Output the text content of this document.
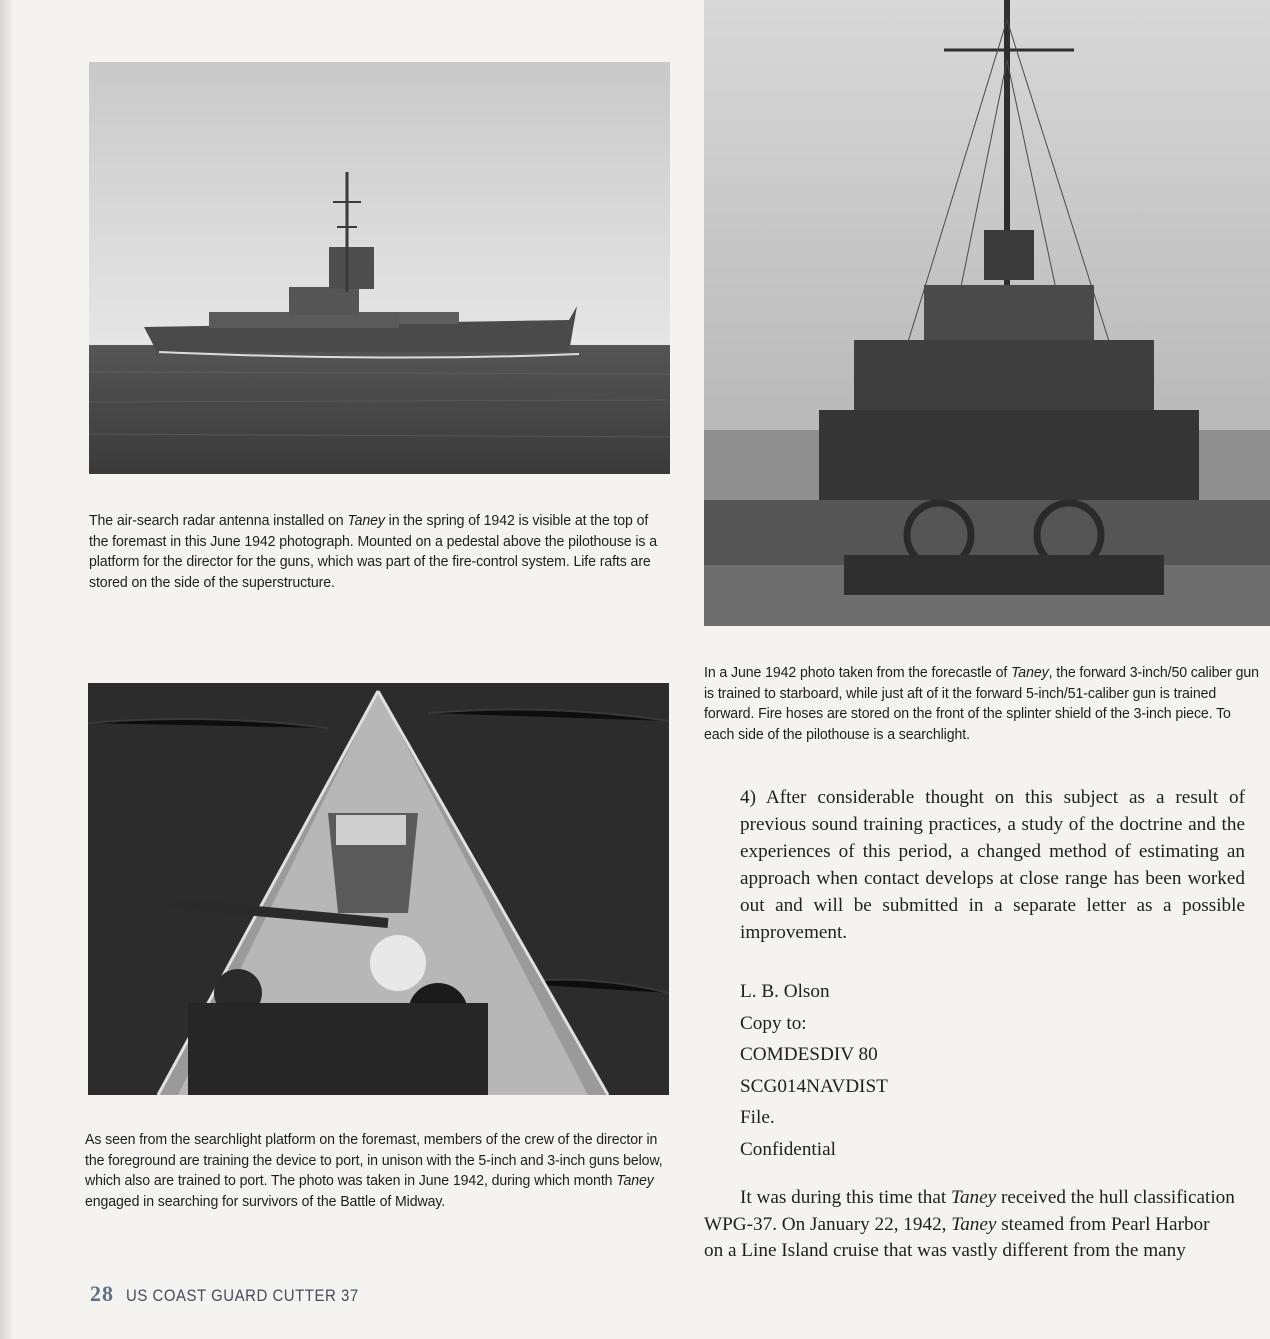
The air-search radar antenna installed on Taney in the spring of 1942 is visible at the top of the foremast in this June 1942 photograph. Mounted on a pedestal above the pilothouse is a platform for the director for the guns, which was part of the fire-control system. Life rafts are stored on the side of the superstructure.
In a June 1942 photo taken from the forecastle of Taney, the forward 3-inch/50 caliber gun is trained to starboard, while just aft of it the forward 5-inch/51-caliber gun is trained forward. Fire hoses are stored on the front of the splinter shield of the 3-inch piece. To each side of the pilothouse is a searchlight.
As seen from the searchlight platform on the foremast, members of the crew of the director in the foreground are training the device to port, in unison with the 5-inch and 3-inch guns below, which also are trained to port. The photo was taken in June 1942, during which month Taney engaged in searching for survivors of the Battle of Midway.
4) After considerable thought on this subject as a result of previous sound training practices, a study of the doctrine and the experiences of this period, a changed method of estimating an approach when contact develops at close range has been worked out and will be submitted in a separate letter as a possible improvement.
L. B. Olson
Copy to:
COMDESDIV 80
SCG014NAVDIST
File.
Confidential
It was during this time that Taney received the hull classification
WPG-37. On January 22, 1942, Taney steamed from Pearl Harbor
on a Line Island cruise that was vastly different from the many
28 US COAST GUARD CUTTER 37
